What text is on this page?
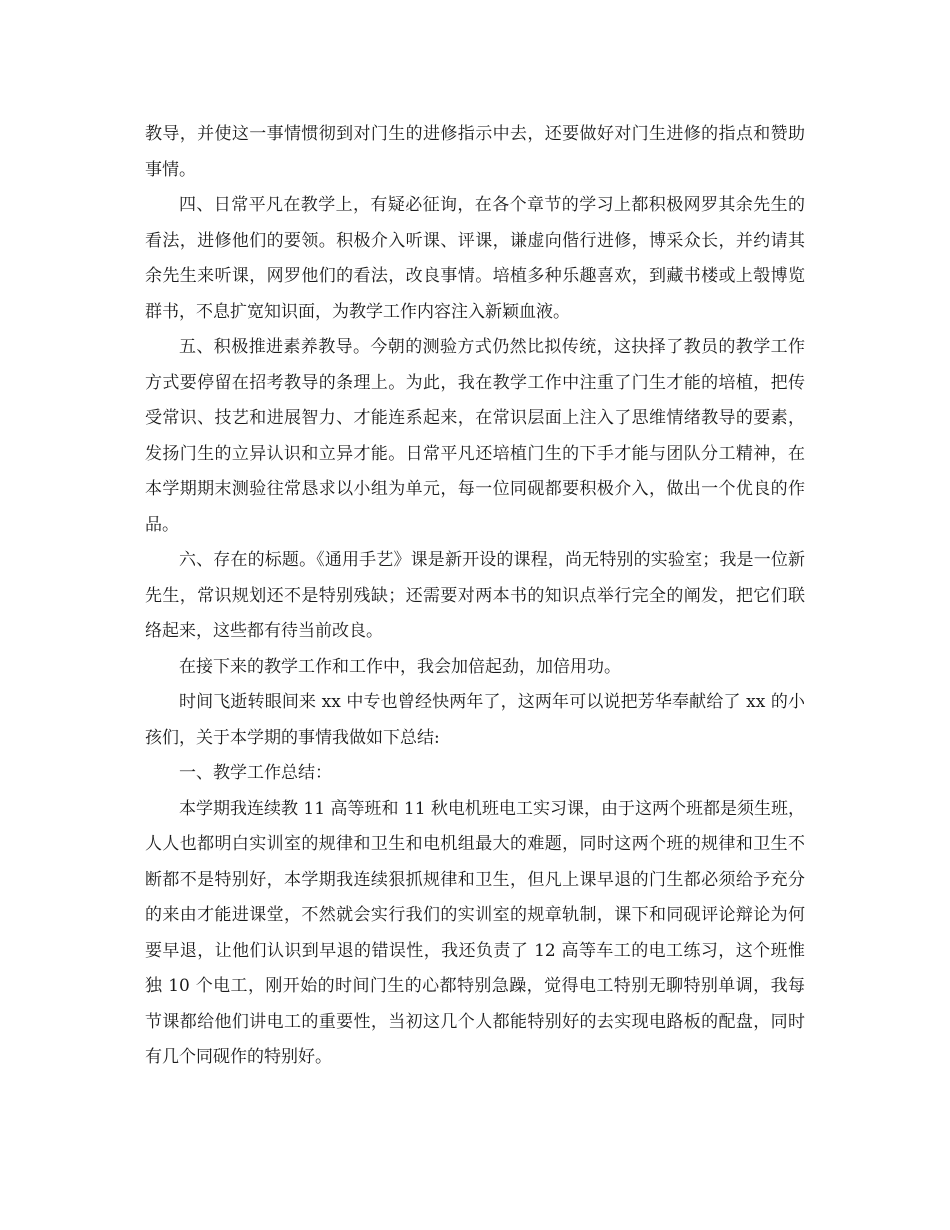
教导，并使这一事情惯彻到对门生的进修指示中去，还要做好对门生进修的指点和赞助事情。

四、日常平凡在教学上，有疑必征询，在各个章节的学习上都积极网罗其余先生的看法，进修他们的要领。积极介入听课、评课，谦虚向偕行进修，博采众长，并约请其余先生来听课，网罗他们的看法，改良事情。培植多种乐趣喜欢，到藏书楼或上彀博览群书，不息扩宽知识面，为教学工作内容注入新颖血液。

五、积极推进素养教导。今朝的测验方式仍然比拟传统，这抉择了教员的教学工作方式要停留在招考教导的条理上。为此，我在教学工作中注重了门生才能的培植，把传受常识、技艺和进展智力、才能连系起来，在常识层面上注入了思维情绪教导的要素，发扬门生的立异认识和立异才能。日常平凡还培植门生的下手才能与团队分工精神，在本学期期末测验往常恳求以小组为单元，每一位同砚都要积极介入，做出一个优良的作品。

六、存在的标题。《通用手艺》课是新开设的课程，尚无特别的实验室；我是一位新先生，常识规划还不是特别残缺；还需要对两本书的知识点举行完全的阐发，把它们联络起来，这些都有待当前改良。

在接下来的教学工作和工作中，我会加倍起劲，加倍用功。

时间飞逝转眼间来 xx 中专也曾经快两年了，这两年可以说把芳华奉献给了 xx 的小孩们，关于本学期的事情我做如下总结:

一、教学工作总结：

本学期我连续教 11 高等班和 11 秋电机班电工实习课，由于这两个班都是须生班，人人也都明白实训室的规律和卫生和电机组最大的难题，同时这两个班的规律和卫生不断都不是特别好，本学期我连续狠抓规律和卫生，但凡上课早退的门生都必须给予充分的来由才能进课堂，不然就会实行我们的实训室的规章轨制，课下和同砚评论辩论为何要早退，让他们认识到早退的错误性，我还负责了 12 高等车工的电工练习，这个班惟独 10 个电工，刚开始的时间门生的心都特别急躁，觉得电工特别无聊特别单调，我每节课都给他们讲电工的重要性，当初这几个人都能特别好的去实现电路板的配盘，同时有几个同砚作的特别好。
